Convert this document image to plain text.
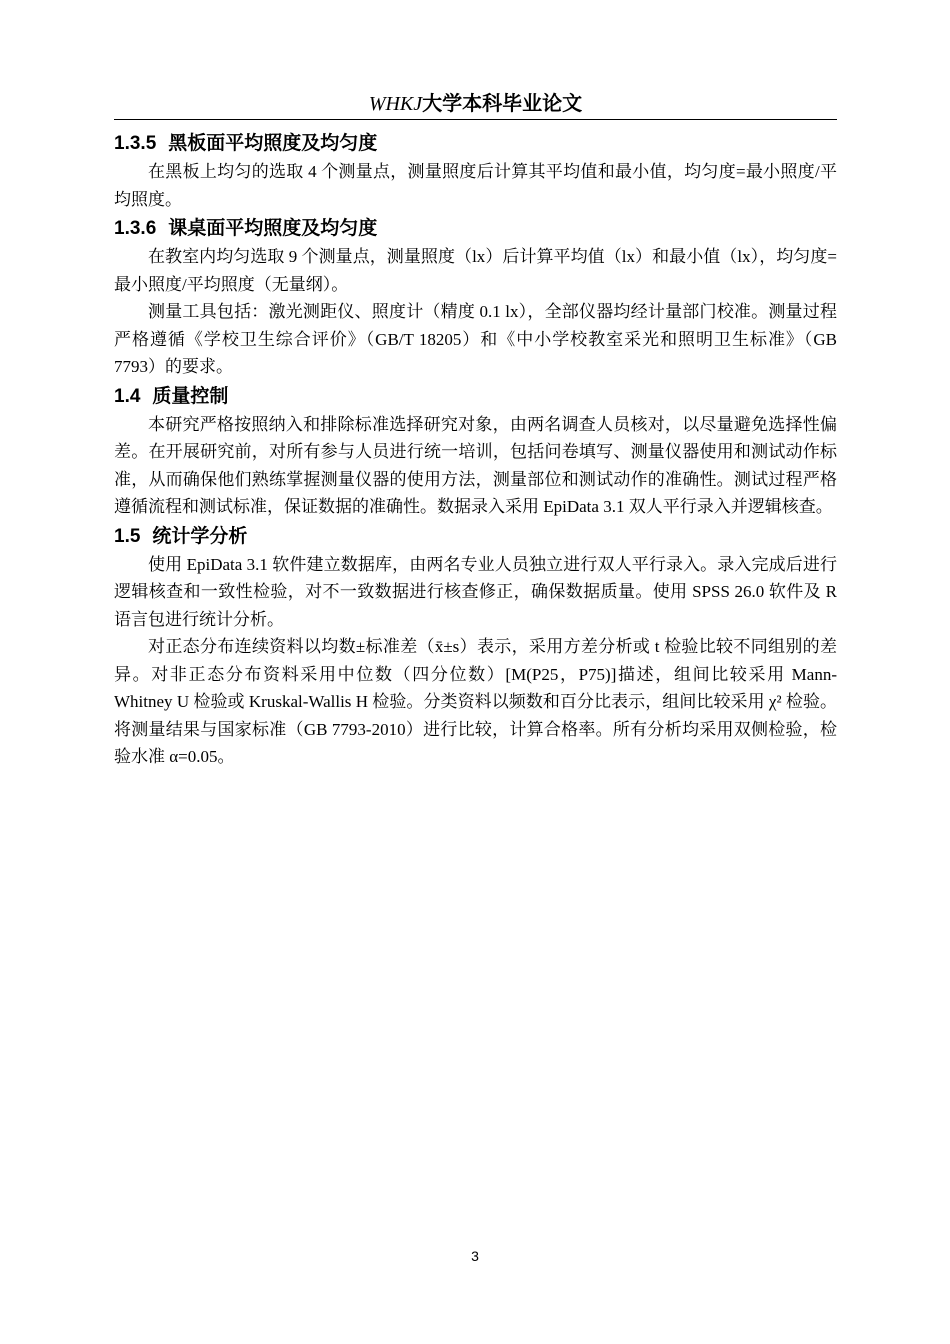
WHKJ大学本科毕业论文
1.3.5 黑板面平均照度及均匀度

在黑板上均匀的选取 4 个测量点，测量照度后计算其平均值和最小值，均匀度=最小照度/平均照度。

1.3.6 课桌面平均照度及均匀度

在教室内均匀选取 9 个测量点，测量照度（lx）后计算平均值（lx）和最小值（lx），均匀度=最小照度/平均照度（无量纲）。

测量工具包括：激光测距仪、照度计（精度 0.1 lx），全部仪器均经计量部门校准。测量过程严格遵循《学校卫生综合评价》（GB/T 18205）和《中小学校教室采光和照明卫生标准》（GB 7793）的要求。

1.4 质量控制

本研究严格按照纳入和排除标准选择研究对象，由两名调查人员核对，以尽量避免选择性偏差。在开展研究前，对所有参与人员进行统一培训，包括问卷填写、测量仪器使用和测试动作标准，从而确保他们熟练掌握测量仪器的使用方法，测量部位和测试动作的准确性。测试过程严格遵循流程和测试标准，保证数据的准确性。数据录入采用 EpiData 3.1 双人平行录入并逻辑核查。

1.5 统计学分析

使用 EpiData 3.1 软件建立数据库，由两名专业人员独立进行双人平行录入。录入完成后进行逻辑核查和一致性检验，对不一致数据进行核查修正，确保数据质量。使用 SPSS 26.0 软件及 R 语言包进行统计分析。

对正态分布连续资料以均数±标准差（x̄±s）表示，采用方差分析或 t 检验比较不同组别的差异。对非正态分布资料采用中位数（四分位数）[M(P25，P75)]描述，组间比较采用 Mann-Whitney U 检验或 Kruskal-Wallis H 检验。分类资料以频数和百分比表示，组间比较采用 χ² 检验。将测量结果与国家标准（GB 7793-2010）进行比较，计算合格率。所有分析均采用双侧检验，检验水准 α=0.05。

3
